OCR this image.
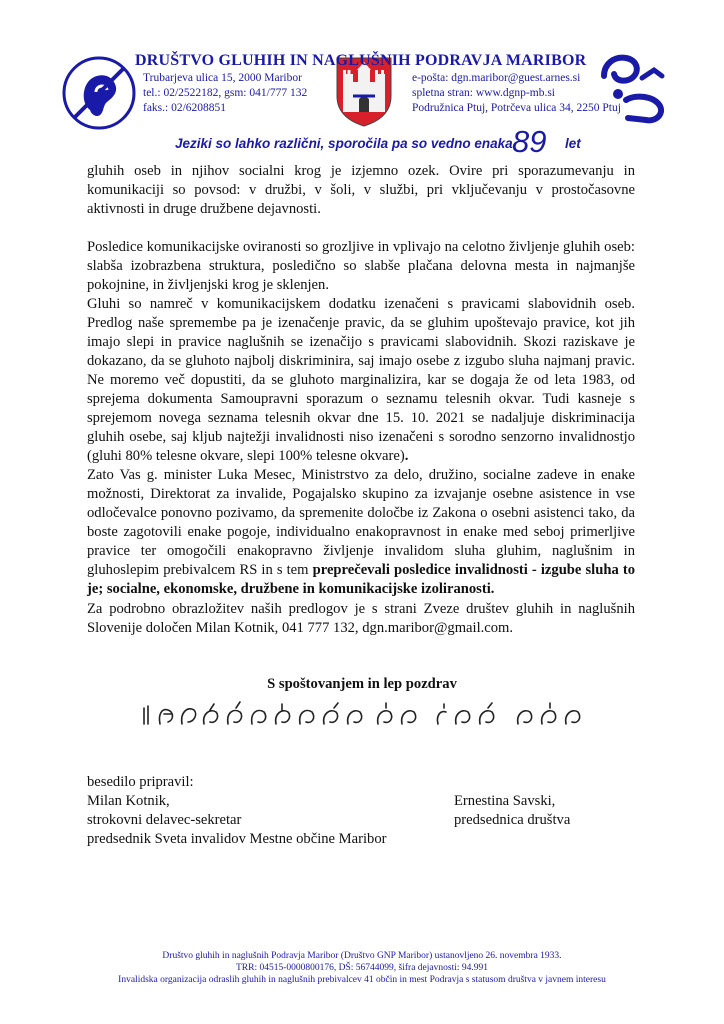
DRUŠTVO GLUHIH IN NAGLUŠNIH PODRAVJA MARIBOR
Trubarjeva ulica 15, 2000 Maribor
tel.: 02/2522182, gsm: 041/777 132
faks.: 02/6208851
e-pošta: dgn.maribor@guest.arnes.si
spletna stran: www.dgnp-mb.si
Podružnica Ptuj, Potrčeva ulica 34, 2250 Ptuj
Jeziki so lahko različni, sporočila pa so vedno enaka 89 let
gluhih oseb in njihov socialni krog je izjemno ozek. Ovire pri sporazumevanju in komunikaciji so povsod: v družbi, v šoli, v službi, pri vključevanju v prostočasovne aktivnosti in druge družbene dejavnosti.
Posledice komunikacijske oviranosti so grozljive in vplivajo na celotno življenje gluhih oseb: slabša izobrazbena struktura, posledično so slabše plačana delovna mesta in najmanjše pokojnine, in življenjski krog je sklenjen.
Gluhi so namreč v komunikacijskem dodatku izenačeni s pravicami slabovidnih oseb. Predlog naše spremembe pa je izenačenje pravic, da se gluhim upoštevajo pravice, kot jih imajo slepi in pravice naglušnih se izenačijo s pravicami slabovidnih. Skozi raziskave je dokazano, da se gluhoto najbolj diskriminira, saj imajo osebe z izgubo sluha najmanj pravic. Ne moremo več dopustiti, da se gluhoto marginalizira, kar se dogaja že od leta 1983, od sprejema dokumenta Samoupravni sporazum o seznamu telesnih okvar. Tudi kasneje s sprejemom novega seznama telesnih okvar dne 15. 10. 2021 se nadaljuje diskriminacija gluhih osebe, saj kljub najtežji invalidnosti niso izenačeni s sorodno senzorno invalidnostjo (gluhi 80% telesne okvare, slepi 100% telesne okvare).
Zato Vas g. minister Luka Mesec, Ministrstvo za delo, družino, socialne zadeve in enake možnosti, Direktorat za invalide, Pogajalsko skupino za izvajanje osebne asistence in vse odločevalce ponovno pozivamo, da spremenite določbe iz Zakona o osebni asistenci tako, da boste zagotovili enake pogoje, individualno enakopravnost in enake med seboj primerljive pravice ter omogočili enakopravno življenje invalidom sluha gluhim, naglušnim in gluhoslepim prebivalcem RS in s tem preprečevali posledice invalidnosti - izgube sluha to je; socialne, ekonomske, družbene in komunikacijske izoliranosti.
Za podrobno obrazložitev naših predlogov je s strani Zveze društev gluhih in naglušnih Slovenije določen Milan Kotnik, 041 777 132, dgn.maribor@gmail.com.
S spoštovanjem in lep pozdrav
besedilo pripravil:
Milan Kotnik,
strokovni delavec-sekretar
predsednik Sveta invalidov Mestne občine Maribor
Ernestina Savski,
predsednica društva
Društvo gluhih in naglušnih Podravja Maribor (Društvo GNP Maribor) ustanovljeno 26. novembra 1933.
TRR: 04515-0000800176, DŠ: 56744099, šifra dejavnosti: 94.991
Invalidska organizacija odraslih gluhih in naglušnih prebivalcev 41 občin in mest Podravja s statusom društva v javnem interesu
